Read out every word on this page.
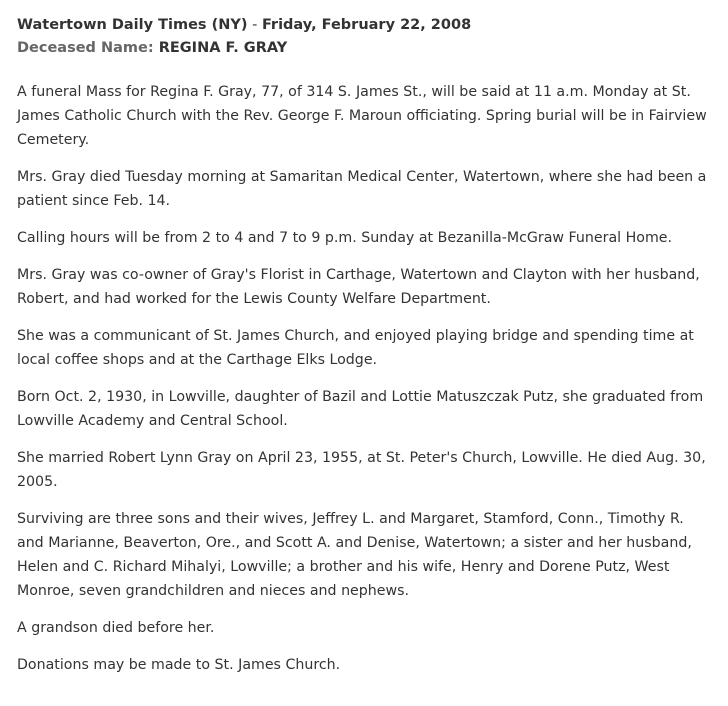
Watertown Daily Times (NY) - Friday, February 22, 2008
Deceased Name: REGINA F. GRAY

A funeral Mass for Regina F. Gray, 77, of 314 S. James St., will be said at 11 a.m. Monday at St. James Catholic Church with the Rev. George F. Maroun officiating. Spring burial will be in Fairview Cemetery.

Mrs. Gray died Tuesday morning at Samaritan Medical Center, Watertown, where she had been a patient since Feb. 14.

Calling hours will be from 2 to 4 and 7 to 9 p.m. Sunday at Bezanilla-McGraw Funeral Home.

Mrs. Gray was co-owner of Gray's Florist in Carthage, Watertown and Clayton with her husband, Robert, and had worked for the Lewis County Welfare Department.

She was a communicant of St. James Church, and enjoyed playing bridge and spending time at local coffee shops and at the Carthage Elks Lodge.

Born Oct. 2, 1930, in Lowville, daughter of Bazil and Lottie Matuszczak Putz, she graduated from Lowville Academy and Central School.

She married Robert Lynn Gray on April 23, 1955, at St. Peter's Church, Lowville. He died Aug. 30, 2005.

Surviving are three sons and their wives, Jeffrey L. and Margaret, Stamford, Conn., Timothy R. and Marianne, Beaverton, Ore., and Scott A. and Denise, Watertown; a sister and her husband, Helen and C. Richard Mihalyi, Lowville; a brother and his wife, Henry and Dorene Putz, West Monroe, seven grandchildren and nieces and nephews.

A grandson died before her.

Donations may be made to St. James Church.
